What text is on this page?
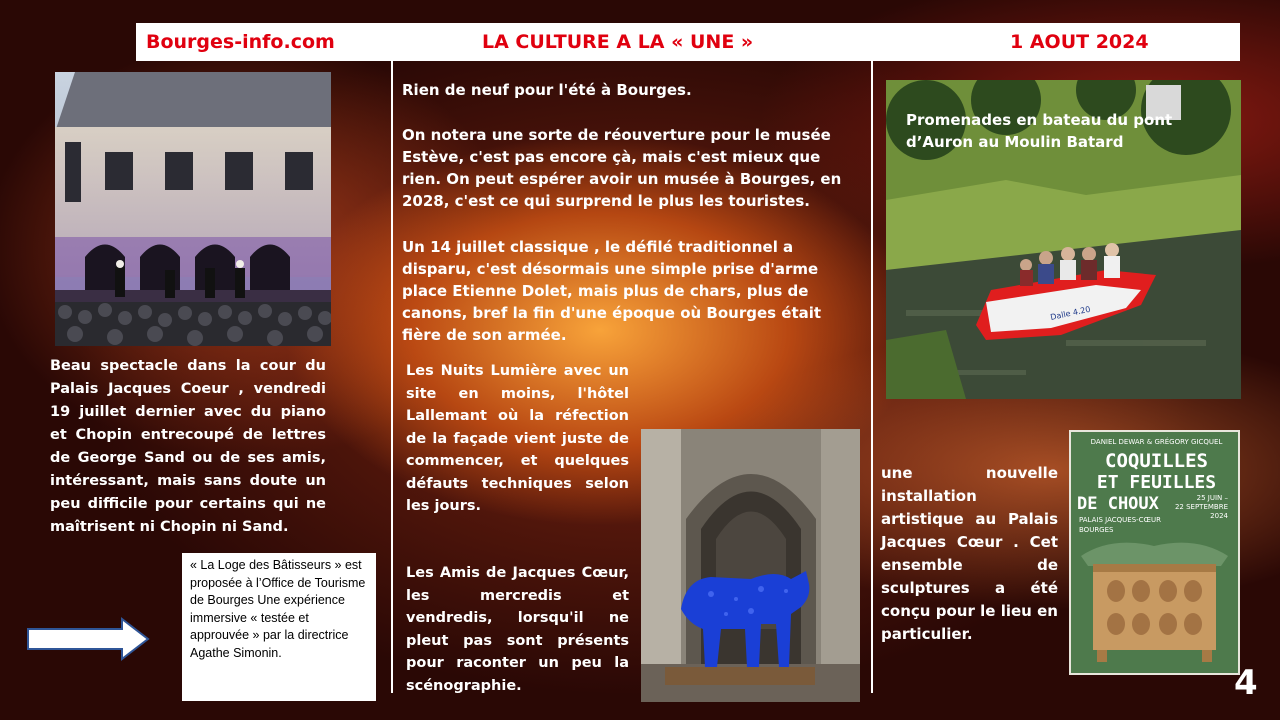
Bourges-info.com	LA CULTURE A LA « UNE »	1 AOUT 2024
Beau spectacle dans la cour du Palais Jacques Coeur , vendredi 19 juillet dernier avec du piano et Chopin entrecoupé de lettres de George Sand ou de ses amis, intéressant, mais sans doute un peu difficile pour certains qui ne maîtrisent ni Chopin ni Sand.
« La Loge des Bâtisseurs » est proposée à l’Office de Tourisme de Bourges Une expérience immersive « testée et approuvée » par la directrice Agathe Simonin.
Rien de neuf pour l'été à Bourges.
On notera une sorte de réouverture pour le musée Estève, c'est pas encore çà, mais c'est mieux que rien. On peut espérer avoir un musée à Bourges, en 2028, c'est ce qui surprend le plus les touristes.
Un 14 juillet classique , le défilé traditionnel a disparu, c'est désormais une simple prise d'arme place Etienne Dolet, mais plus de chars, plus de canons, bref la fin d'une époque où Bourges était fière de son armée.
Les Nuits Lumière avec un site en moins, l'hôtel Lallemant où la réfection de la façade vient juste de commencer, et quelques défauts techniques selon les jours.
Les Amis de Jacques Cœur, les mercredis et vendredis, lorsqu'il ne pleut pas sont présents pour raconter un peu la scénographie.
Dalle 4.20
Promenades en bateau du pont d’Auron au Moulin Batard
une nouvelle installation artistique au Palais Jacques Cœur . Cet ensemble de sculptures a été conçu pour le lieu en particulier.
DANIEL DEWAR & GRÉGORY GICQUEL
COQUILLES
ET FEUILLES
DE CHOUX	25 JUIN –
22 SEPTEMBRE
2024
PALAIS JACQUES-CŒUR
BOURGES
4
